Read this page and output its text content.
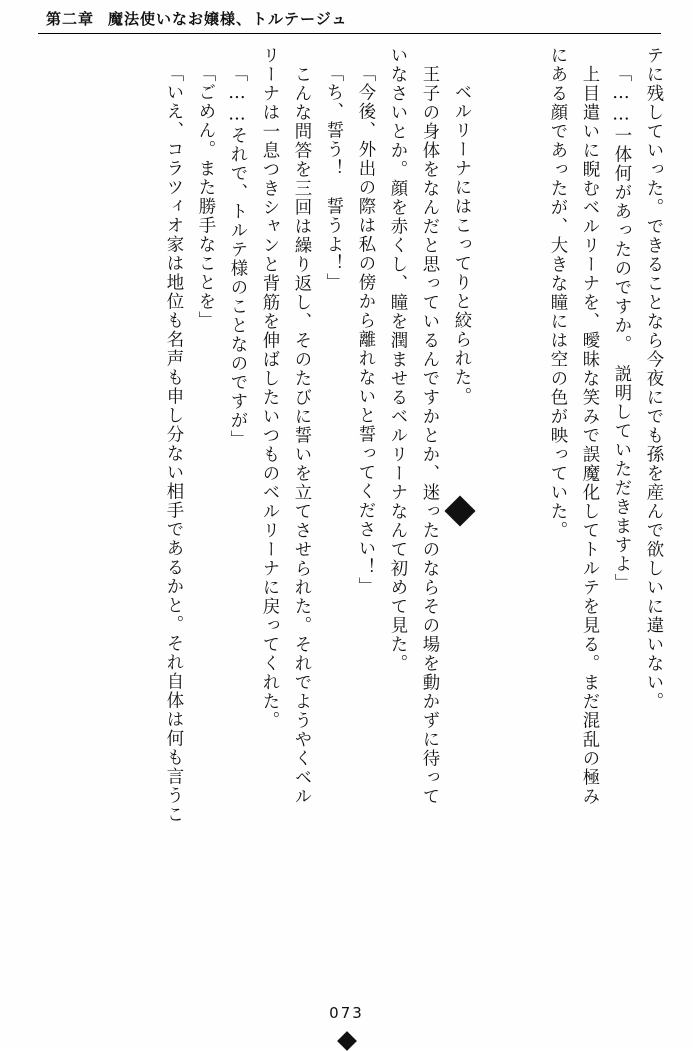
第二章 魔法使いなお嬢様、トルテージュ
テに残していった。できることなら今夜にでも孫を産んで欲しいに違いない。
「……一体何があったのですか。　説明していただきますよ」
　上目遣いに睨むベルリーナを、曖昧な笑みで誤魔化してトルテを見る。まだ混乱の極み
にある顔であったが、大きな瞳には空の色が映っていた。
　ベルリーナにはこってりと絞られた。
　王子の身体をなんだと思っているんですかとか、迷ったのならその場を動かずに待って
いなさいとか。顔を赤くし、瞳を潤ませるベルリーナなんて初めて見た。
「今後、外出の際は私の傍から離れないと誓ってください！」
「ち、誓う！　誓うよ！」
　こんな問答を三回は繰り返し、そのたびに誓いを立てさせられた。それでようやくベル
リーナは一息つきシャンと背筋を伸ばしたいつものベルリーナに戻ってくれた。
「……それで、トルテ様のことなのですが」
「ごめん。また勝手なことを」
「いえ、コラツィオ家は地位も名声も申し分ない相手であるかと。それ自体は何も言うこ
073
